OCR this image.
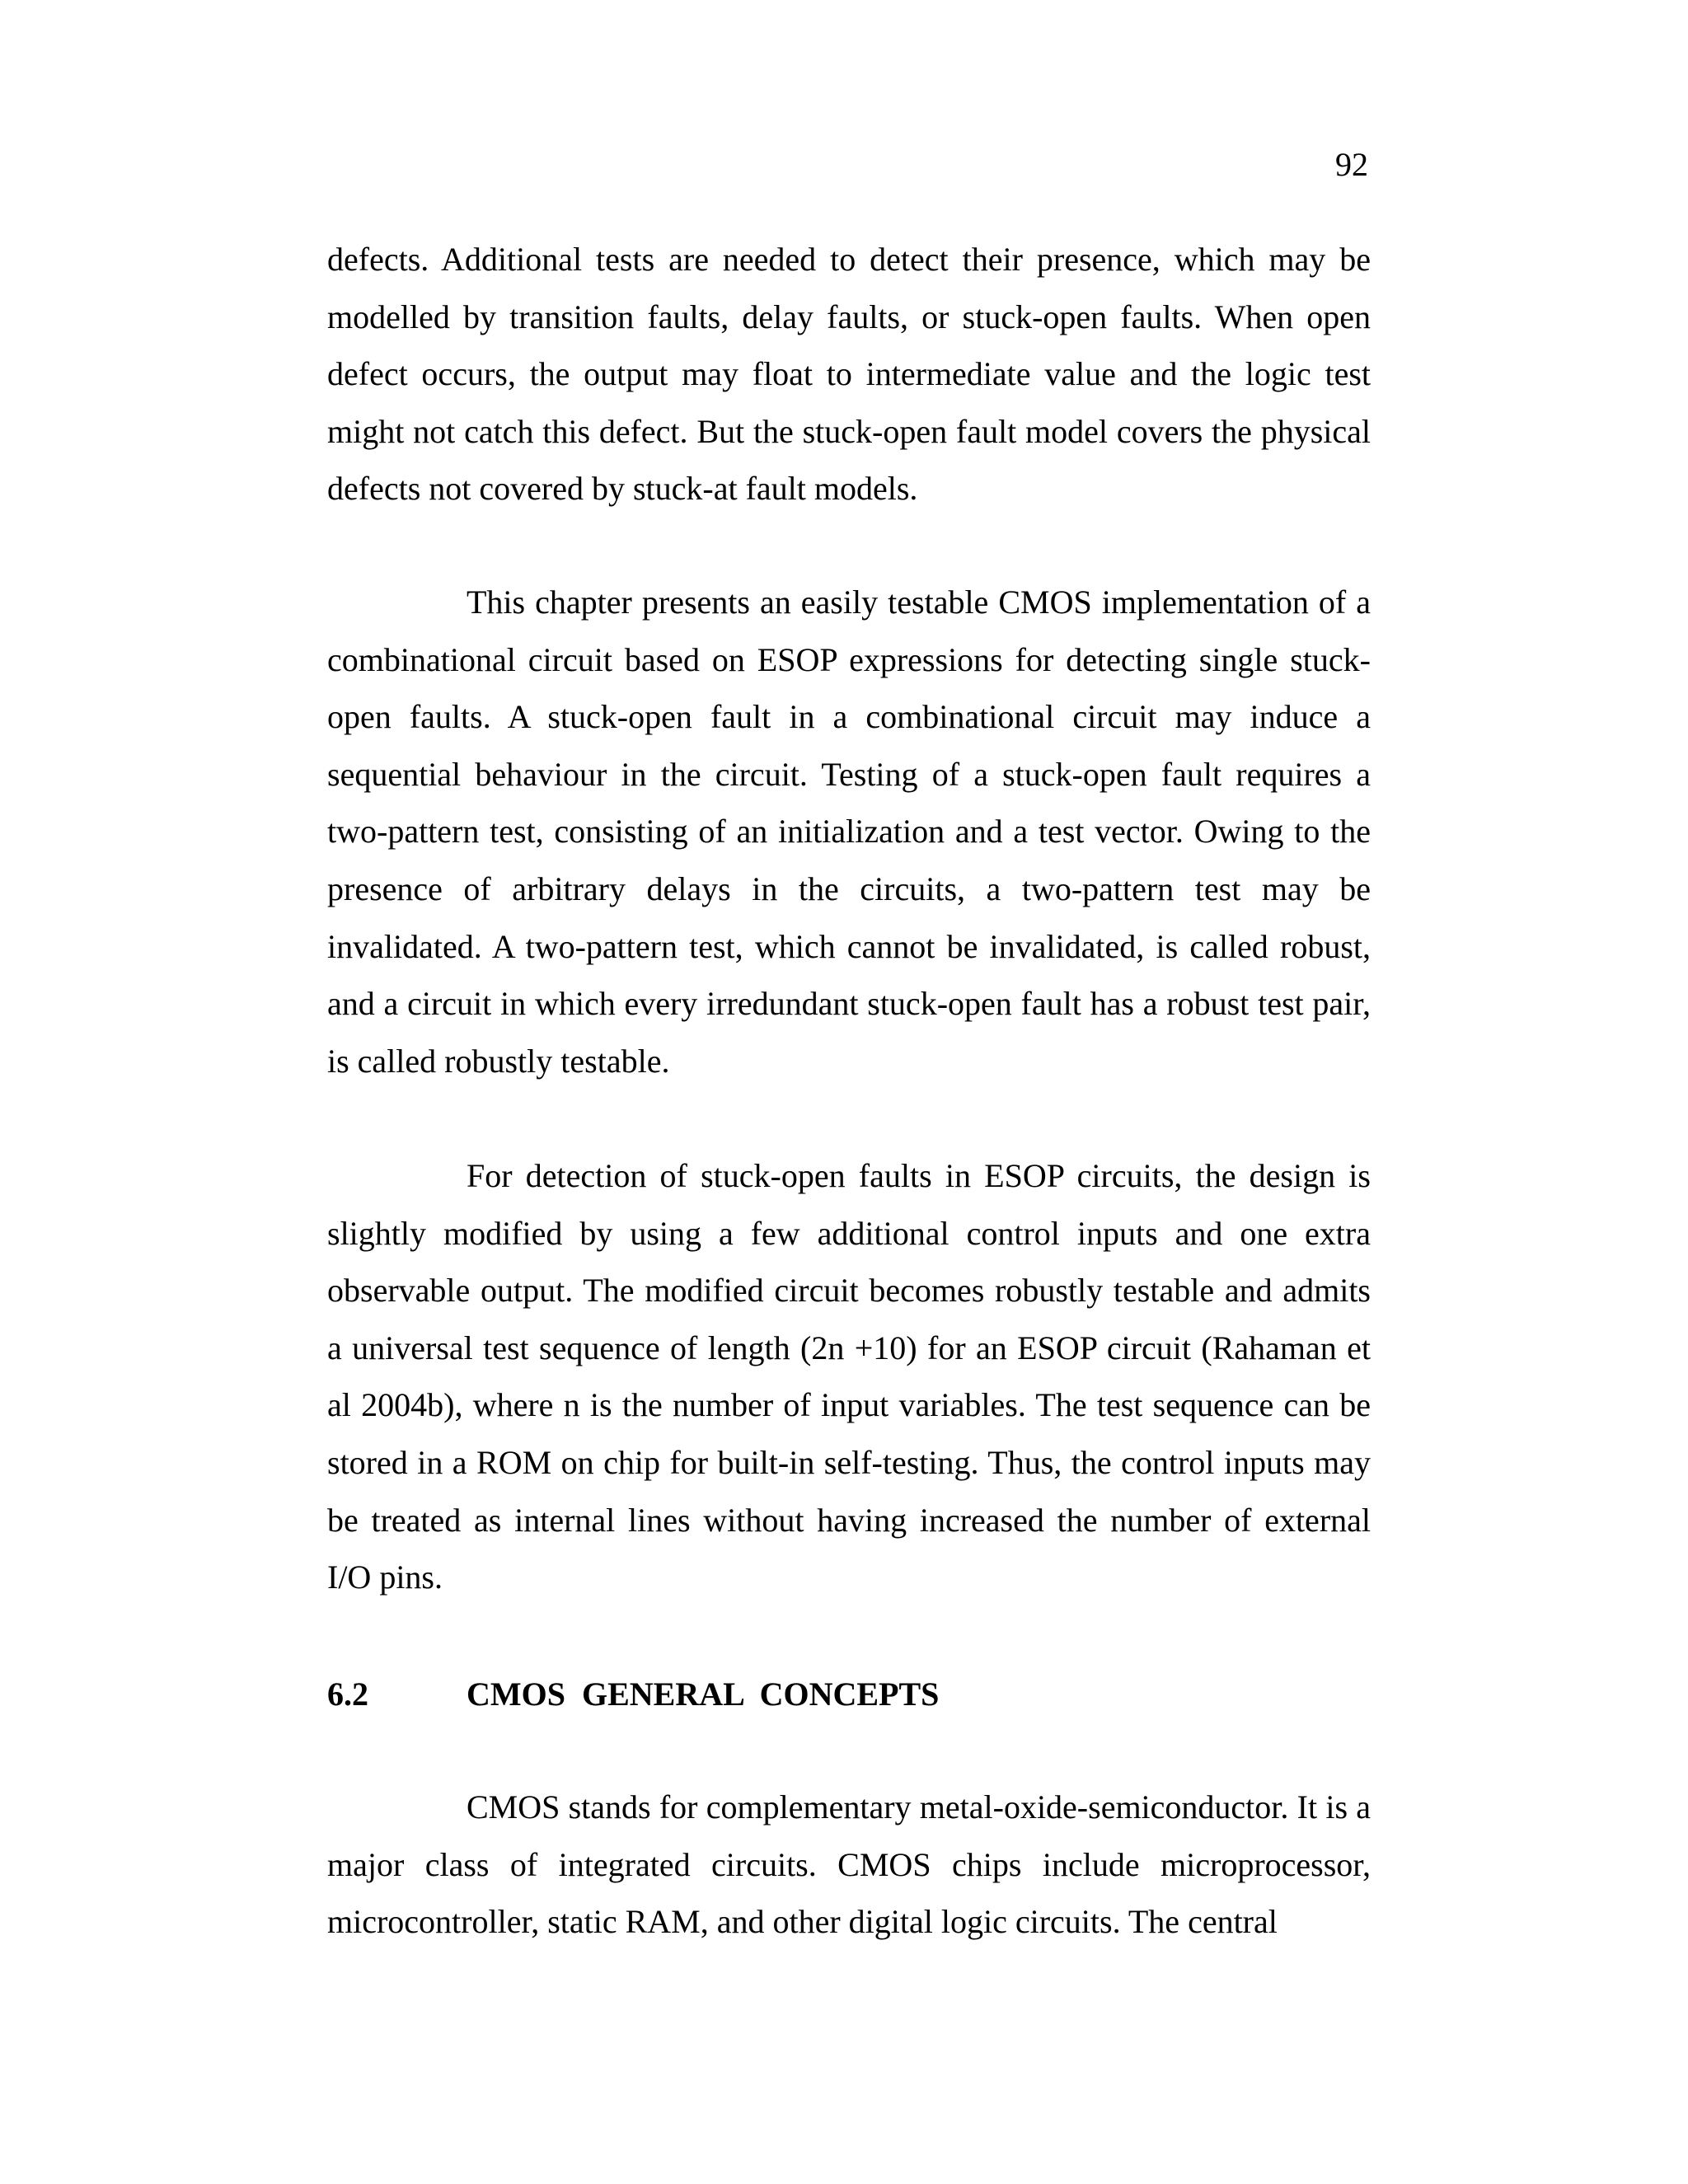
92

defects. Additional tests are needed to detect their presence, which may be modelled by transition faults, delay faults, or stuck-open faults. When open defect occurs, the output may float to intermediate value and the logic test might not catch this defect. But the stuck-open fault model covers the physical defects not covered by stuck-at fault models.

This chapter presents an easily testable CMOS implementation of a combinational circuit based on ESOP expressions for detecting single stuck-open faults. A stuck-open fault in a combinational circuit may induce a sequential behaviour in the circuit. Testing of a stuck-open fault requires a two-pattern test, consisting of an initialization and a test vector. Owing to the presence of arbitrary delays in the circuits, a two-pattern test may be invalidated. A two-pattern test, which cannot be invalidated, is called robust, and a circuit in which every irredundant stuck-open fault has a robust test pair, is called robustly testable.

For detection of stuck-open faults in ESOP circuits, the design is slightly modified by using a few additional control inputs and one extra observable output. The modified circuit becomes robustly testable and admits a universal test sequence of length (2n +10) for an ESOP circuit (Rahaman et al 2004b), where n is the number of input variables. The test sequence can be stored in a ROM on chip for built-in self-testing. Thus, the control inputs may be treated as internal lines without having increased the number of external I/O pins.

6.2	CMOS GENERAL CONCEPTS

CMOS stands for complementary metal-oxide-semiconductor. It is a major class of integrated circuits. CMOS chips include microprocessor, microcontroller, static RAM, and other digital logic circuits. The central
